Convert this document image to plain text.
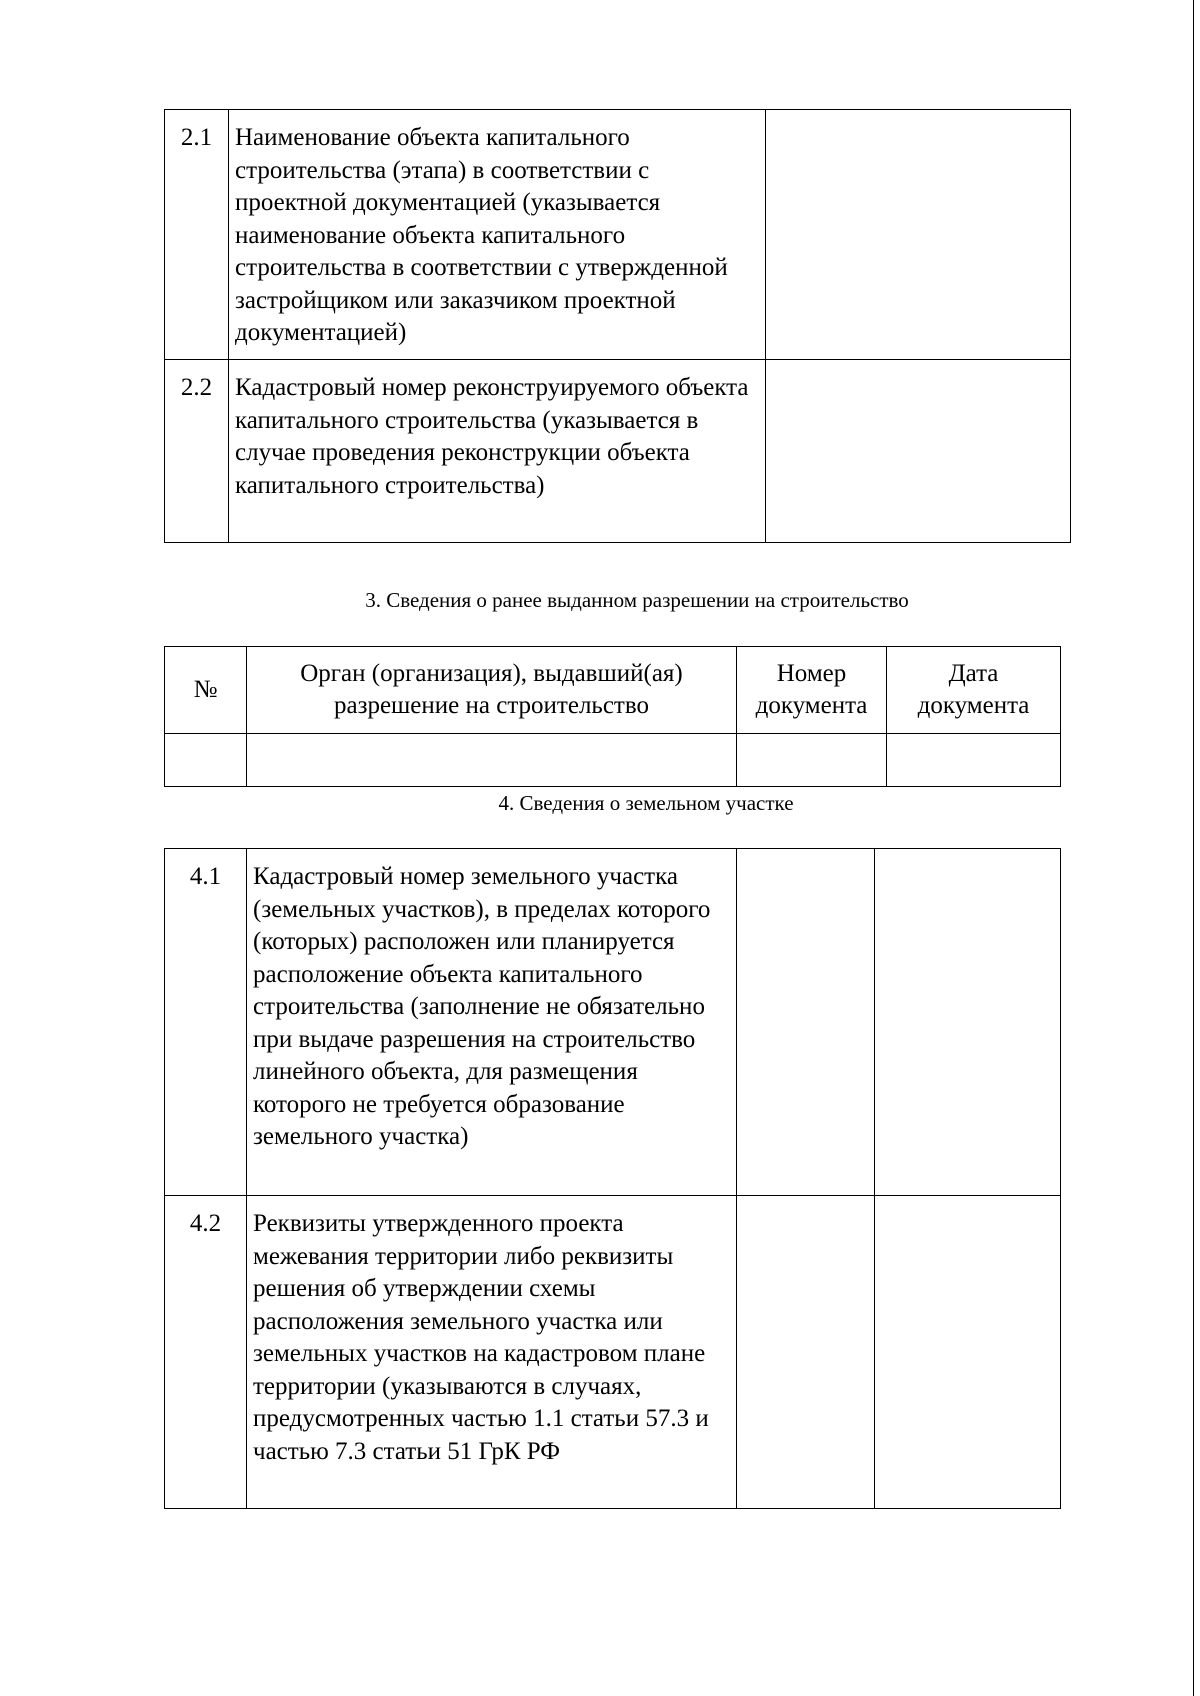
2.1	Наименование объекта капитального строительства (этапа) в соответствии с проектной документацией (указывается наименование объекта капитального строительства в соответствии с утвержденной застройщиком или заказчиком проектной документацией)	
2.2	Кадастровый номер реконструируемого объекта капитального строительства (указывается в случае проведения реконструкции объекта капитального строительства)	
3. Сведения о ранее выданном разрешении на строительство
№	Орган (организация), выдавший(ая) разрешение на строительство	Номер документа	Дата документа

4. Сведения о земельном участке
4.1	Кадастровый номер земельного участка (земельных участков), в пределах которого (которых) расположен или планируется расположение объекта капитального строительства (заполнение не обязательно при выдаче разрешения на строительство линейного объекта, для размещения которого не требуется образование земельного участка)		
4.2	Реквизиты утвержденного проекта межевания территории либо реквизиты решения об утверждении схемы расположения земельного участка или земельных участков на кадастровом плане территории (указываются в случаях, предусмотренных частью 1.1 статьи 57.3 и частью 7.3 статьи 51 ГрК РФ		
